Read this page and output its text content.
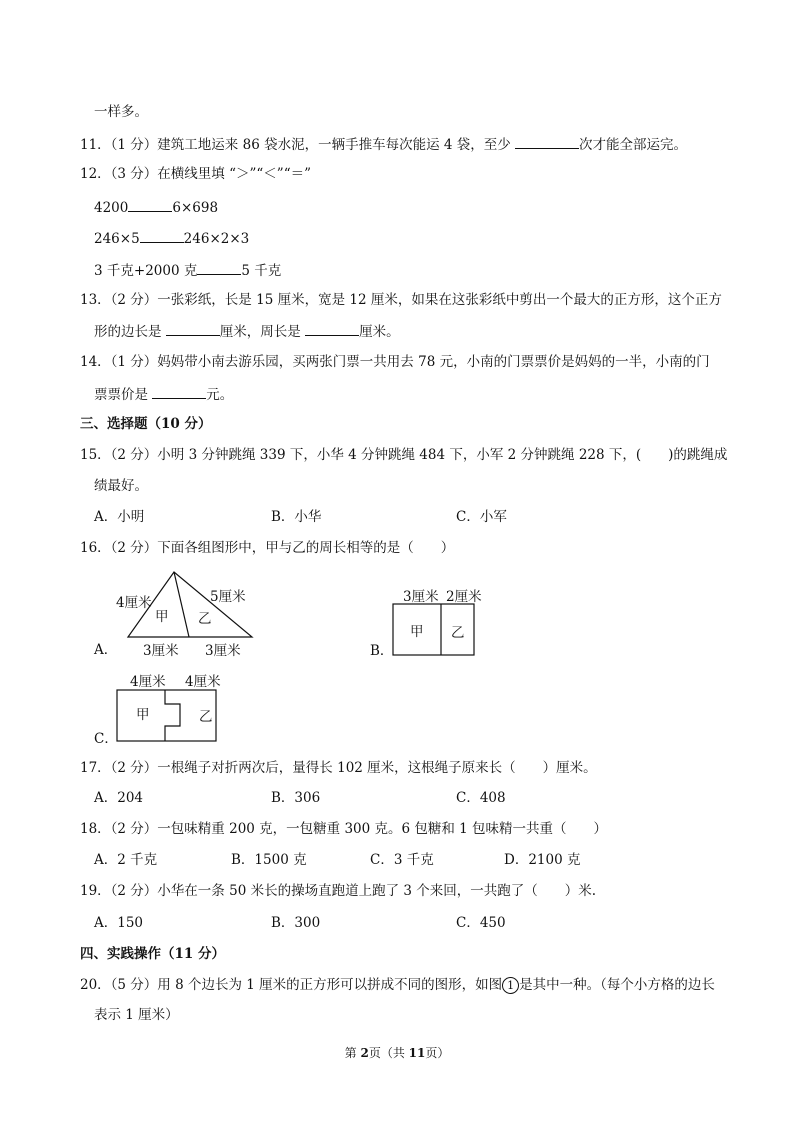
一样多。
11．（1 分）建筑工地运来 86 袋水泥，一辆手推车每次能运 4 袋，至少	次才能全部运完。
12．（3 分）在横线里填 “＞”“＜”“＝”
4200	6×698
246×5	246×2×3
3 千克+2000 克	5 千克
13．（2 分）一张彩纸，长是 15 厘米，宽是 12 厘米，如果在这张彩纸中剪出一个最大的正方形，这个正方
形的边长是	厘米，周长是	厘米。
14．（1 分）妈妈带小南去游乐园，买两张门票一共用去 78 元，小南的门票票价是妈妈的一半，小南的门
票票价是	元。
三、选择题（10 分）
15．（2 分）小明 3 分钟跳绳 339 下，小华 4 分钟跳绳 484 下，小军 2 分钟跳绳 228 下，(　　)的跳绳成
绩最好。
A．小明	B．小华	C．小军
16．（2 分）下面各组图形中，甲与乙的周长相等的是（　　）
A．
4厘米	5厘米
甲 乙
3厘米 3厘米	B．
3厘米 2厘米
甲 乙
C．
4厘米 4厘米
甲	乙
17．（2 分）一根绳子对折两次后，量得长 102 厘米，这根绳子原来长（　　）厘米。
A．204	B．306	C．408
18．（2 分）一包味精重 200 克，一包糖重 300 克。6 包糖和 1 包味精一共重（　　）
A．2 千克	B．1500 克	C．3 千克	D．2100 克
19．（2 分）小华在一条 50 米长的操场直跑道上跑了 3 个来回，一共跑了（　　）米.
A．150	B．300	C．450
四、实践操作（11 分）
20．（5 分）用 8 个边长为 1 厘米的正方形可以拼成不同的图形，如图 1 是其中一种。（每个小方格的边长
表示 1 厘米）
第 2页（共 11页）
